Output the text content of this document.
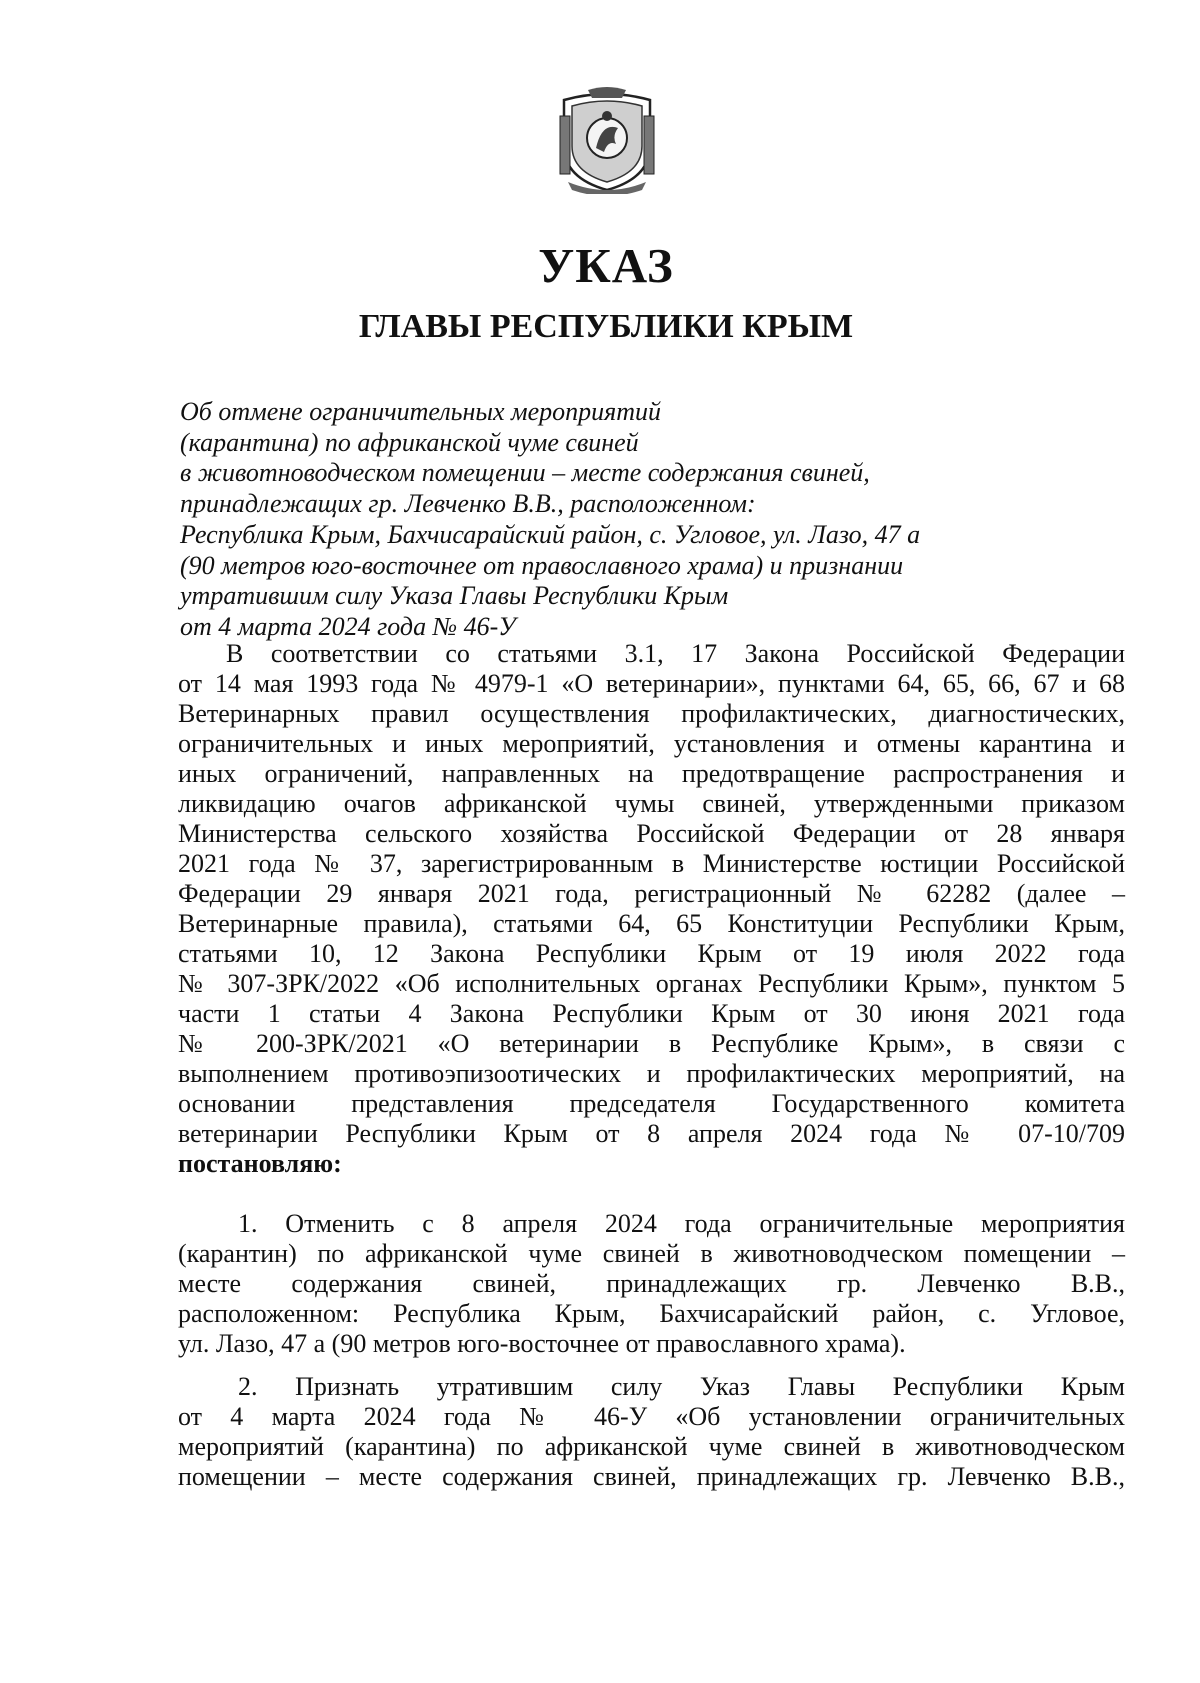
УКАЗ
ГЛАВЫ РЕСПУБЛИКИ КРЫМ
Об отмене ограничительных мероприятий
(карантина) по африканской чуме свиней
в животноводческом помещении – месте содержания свиней,
принадлежащих гр. Левченко В.В., расположенном:
Республика Крым, Бахчисарайский район, с. Угловое, ул. Лазо, 47 а
(90 метров юго-восточнее от православного храма) и признании
утратившим силу Указа Главы Республики Крым
от 4 марта 2024 года № 46-У
В соответствии со статьями 3.1, 17 Закона Российской Федерации
от 14 мая 1993 года № 4979-1 «О ветеринарии», пунктами 64, 65, 66, 67 и 68
Ветеринарных правил осуществления профилактических, диагностических,
ограничительных и иных мероприятий, установления и отмены карантина и
иных ограничений, направленных на предотвращение распространения и
ликвидацию очагов африканской чумы свиней, утвержденными приказом
Министерства сельского хозяйства Российской Федерации от 28 января
2021 года № 37, зарегистрированным в Министерстве юстиции Российской
Федерации 29 января 2021 года, регистрационный № 62282 (далее –
Ветеринарные правила), статьями 64, 65 Конституции Республики Крым,
статьями 10, 12 Закона Республики Крым от 19 июля 2022 года
№ 307-ЗРК/2022 «Об исполнительных органах Республики Крым», пунктом 5
части 1 статьи 4 Закона Республики Крым от 30 июня 2021 года
№ 200-ЗРК/2021 «О ветеринарии в Республике Крым», в связи с
выполнением противоэпизоотических и профилактических мероприятий, на
основании представления председателя Государственного комитета
ветеринарии Республики Крым от 8 апреля 2024 года № 07-10/709
постановляю:
1. Отменить с 8 апреля 2024 года ограничительные мероприятия
(карантин) по африканской чуме свиней в животноводческом помещении –
месте содержания свиней, принадлежащих гр. Левченко В.В.,
расположенном: Республика Крым, Бахчисарайский район, с. Угловое,
ул. Лазо, 47 а (90 метров юго-восточнее от православного храма).
2. Признать утратившим силу Указ Главы Республики Крым
от 4 марта 2024 года № 46-У «Об установлении ограничительных
мероприятий (карантина) по африканской чуме свиней в животноводческом
помещении – месте содержания свиней, принадлежащих гр. Левченко В.В.,
